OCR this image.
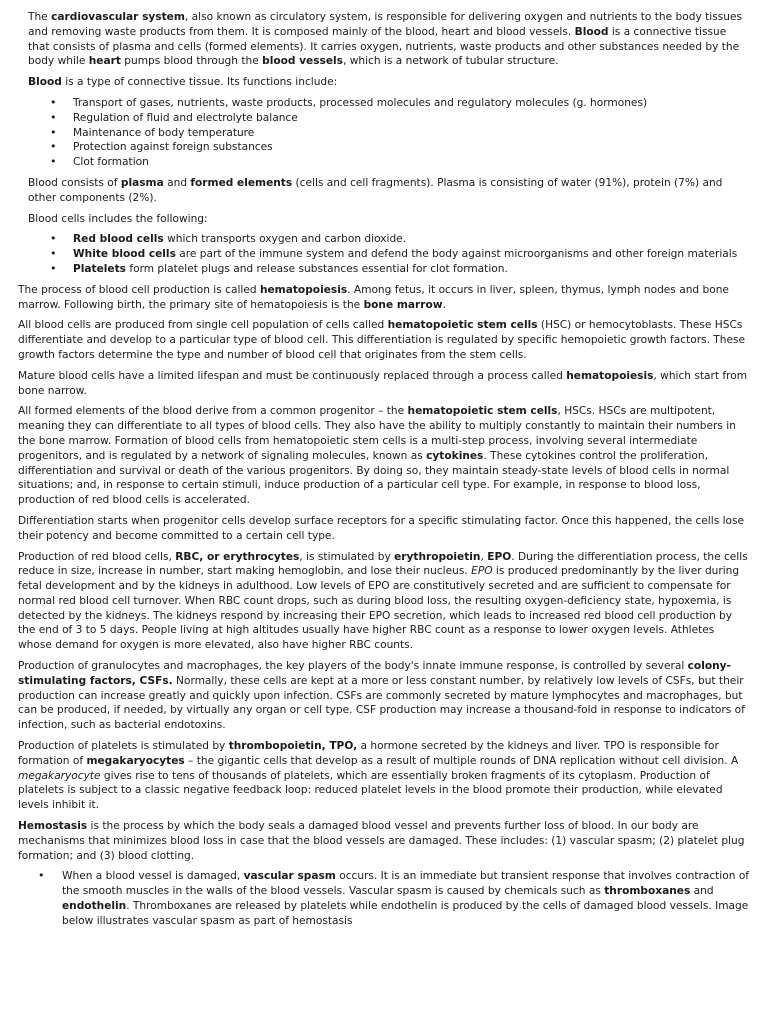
The cardiovascular system, also known as circulatory system, is responsible for delivering oxygen and nutrients to the body tissues and removing waste products from them. It is composed mainly of the blood, heart and blood vessels. Blood is a connective tissue that consists of plasma and cells (formed elements). It carries oxygen, nutrients, waste products and other substances needed by the body while heart pumps blood through the blood vessels, which is a network of tubular structure.

Blood is a type of connective tissue. Its functions include:

• Transport of gases, nutrients, waste products, processed molecules and regulatory molecules (g. hormones)
• Regulation of fluid and electrolyte balance
• Maintenance of body temperature
• Protection against foreign substances
• Clot formation

Blood consists of plasma and formed elements (cells and cell fragments). Plasma is consisting of water (91%), protein (7%) and other components (2%).

Blood cells includes the following:

• Red blood cells which transports oxygen and carbon dioxide.
• White blood cells are part of the immune system and defend the body against microorganisms and other foreign materials
• Platelets form platelet plugs and release substances essential for clot formation.

The process of blood cell production is called hematopoiesis. Among fetus, it occurs in liver, spleen, thymus, lymph nodes and bone marrow. Following birth, the primary site of hematopoiesis is the bone marrow.

All blood cells are produced from single cell population of cells called hematopoietic stem cells (HSC) or hemocytoblasts. These HSCs differentiate and develop to a particular type of blood cell. This differentiation is regulated by specific hemopoietic growth factors. These growth factors determine the type and number of blood cell that originates from the stem cells.

Mature blood cells have a limited lifespan and must be continuously replaced through a process called hematopoiesis, which start from bone narrow.

All formed elements of the blood derive from a common progenitor – the hematopoietic stem cells, HSCs. HSCs are multipotent, meaning they can differentiate to all types of blood cells. They also have the ability to multiply constantly to maintain their numbers in the bone marrow. Formation of blood cells from hematopoietic stem cells is a multi-step process, involving several intermediate progenitors, and is regulated by a network of signaling molecules, known as cytokines. These cytokines control the proliferation, differentiation and survival or death of the various progenitors. By doing so, they maintain steady-state levels of blood cells in normal situations; and, in response to certain stimuli, induce production of a particular cell type. For example, in response to blood loss, production of red blood cells is accelerated.

Differentiation starts when progenitor cells develop surface receptors for a specific stimulating factor. Once this happened, the cells lose their potency and become committed to a certain cell type.

Production of red blood cells, RBC, or erythrocytes, is stimulated by erythropoietin, EPO. During the differentiation process, the cells reduce in size, increase in number, start making hemoglobin, and lose their nucleus. EPO is produced predominantly by the liver during fetal development and by the kidneys in adulthood. Low levels of EPO are constitutively secreted and are sufficient to compensate for normal red blood cell turnover. When RBC count drops, such as during blood loss, the resulting oxygen-deficiency state, hypoxemia, is detected by the kidneys. The kidneys respond by increasing their EPO secretion, which leads to increased red blood cell production by the end of 3 to 5 days. People living at high altitudes usually have higher RBC count as a response to lower oxygen levels. Athletes whose demand for oxygen is more elevated, also have higher RBC counts.

Production of granulocytes and macrophages, the key players of the body's innate immune response, is controlled by several colony-stimulating factors, CSFs. Normally, these cells are kept at a more or less constant number, by relatively low levels of CSFs, but their production can increase greatly and quickly upon infection. CSFs are commonly secreted by mature lymphocytes and macrophages, but can be produced, if needed, by virtually any organ or cell type. CSF production may increase a thousand-fold in response to indicators of infection, such as bacterial endotoxins.

Production of platelets is stimulated by thrombopoietin, TPO, a hormone secreted by the kidneys and liver. TPO is responsible for formation of megakaryocytes – the gigantic cells that develop as a result of multiple rounds of DNA replication without cell division. A megakaryocyte gives rise to tens of thousands of platelets, which are essentially broken fragments of its cytoplasm. Production of platelets is subject to a classic negative feedback loop: reduced platelet levels in the blood promote their production, while elevated levels inhibit it.

Hemostasis is the process by which the body seals a damaged blood vessel and prevents further loss of blood. In our body are mechanisms that minimizes blood loss in case that the blood vessels are damaged. These includes: (1) vascular spasm; (2) platelet plug formation; and (3) blood clotting.

• When a blood vessel is damaged, vascular spasm occurs. It is an immediate but transient response that involves contraction of the smooth muscles in the walls of the blood vessels. Vascular spasm is caused by chemicals such as thromboxanes and endothelin. Thromboxanes are released by platelets while endothelin is produced by the cells of damaged blood vessels. Image below illustrates vascular spasm as part of hemostasis
